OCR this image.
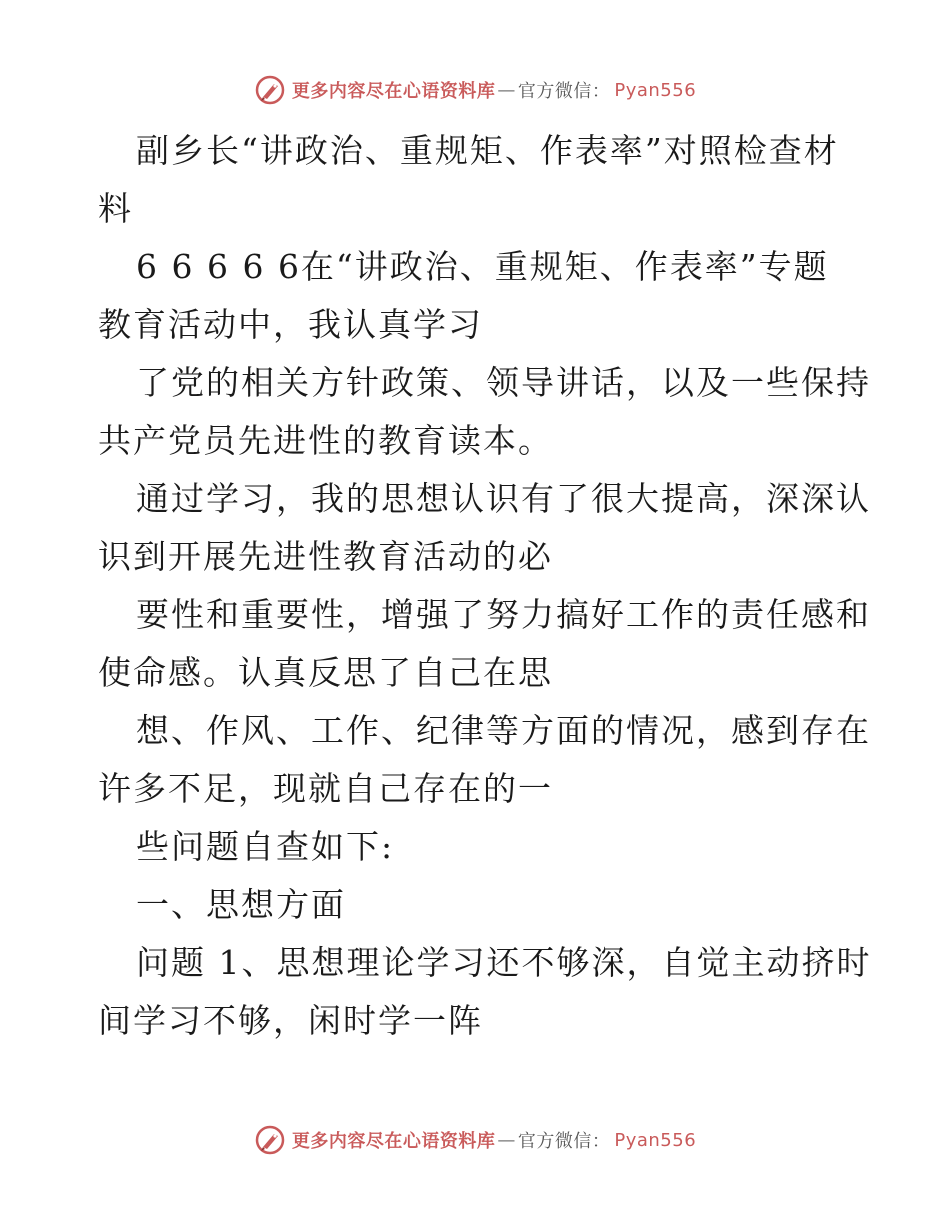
更多内容尽在心语资料库 — 官方微信： Pyan556

副乡长“讲政治、重规矩、作表率”对照检查材

料

6 6 6 6 6在“讲政治、重规矩、作表率”专题

教育活动中，我认真学习

了党的相关方针政策、领导讲话，以及一些保持

共产党员先进性的教育读本。

通过学习，我的思想认识有了很大提高，深深认

识到开展先进性教育活动的必

要性和重要性，增强了努力搞好工作的责任感和

使命感。认真反思了自己在思

想、作风、工作、纪律等方面的情况，感到存在

许多不足，现就自己存在的一

些问题自查如下:

一、思想方面

问题 1、思想理论学习还不够深，自觉主动挤时

间学习不够，闲时学一阵

更多内容尽在心语资料库 — 官方微信： Pyan556
